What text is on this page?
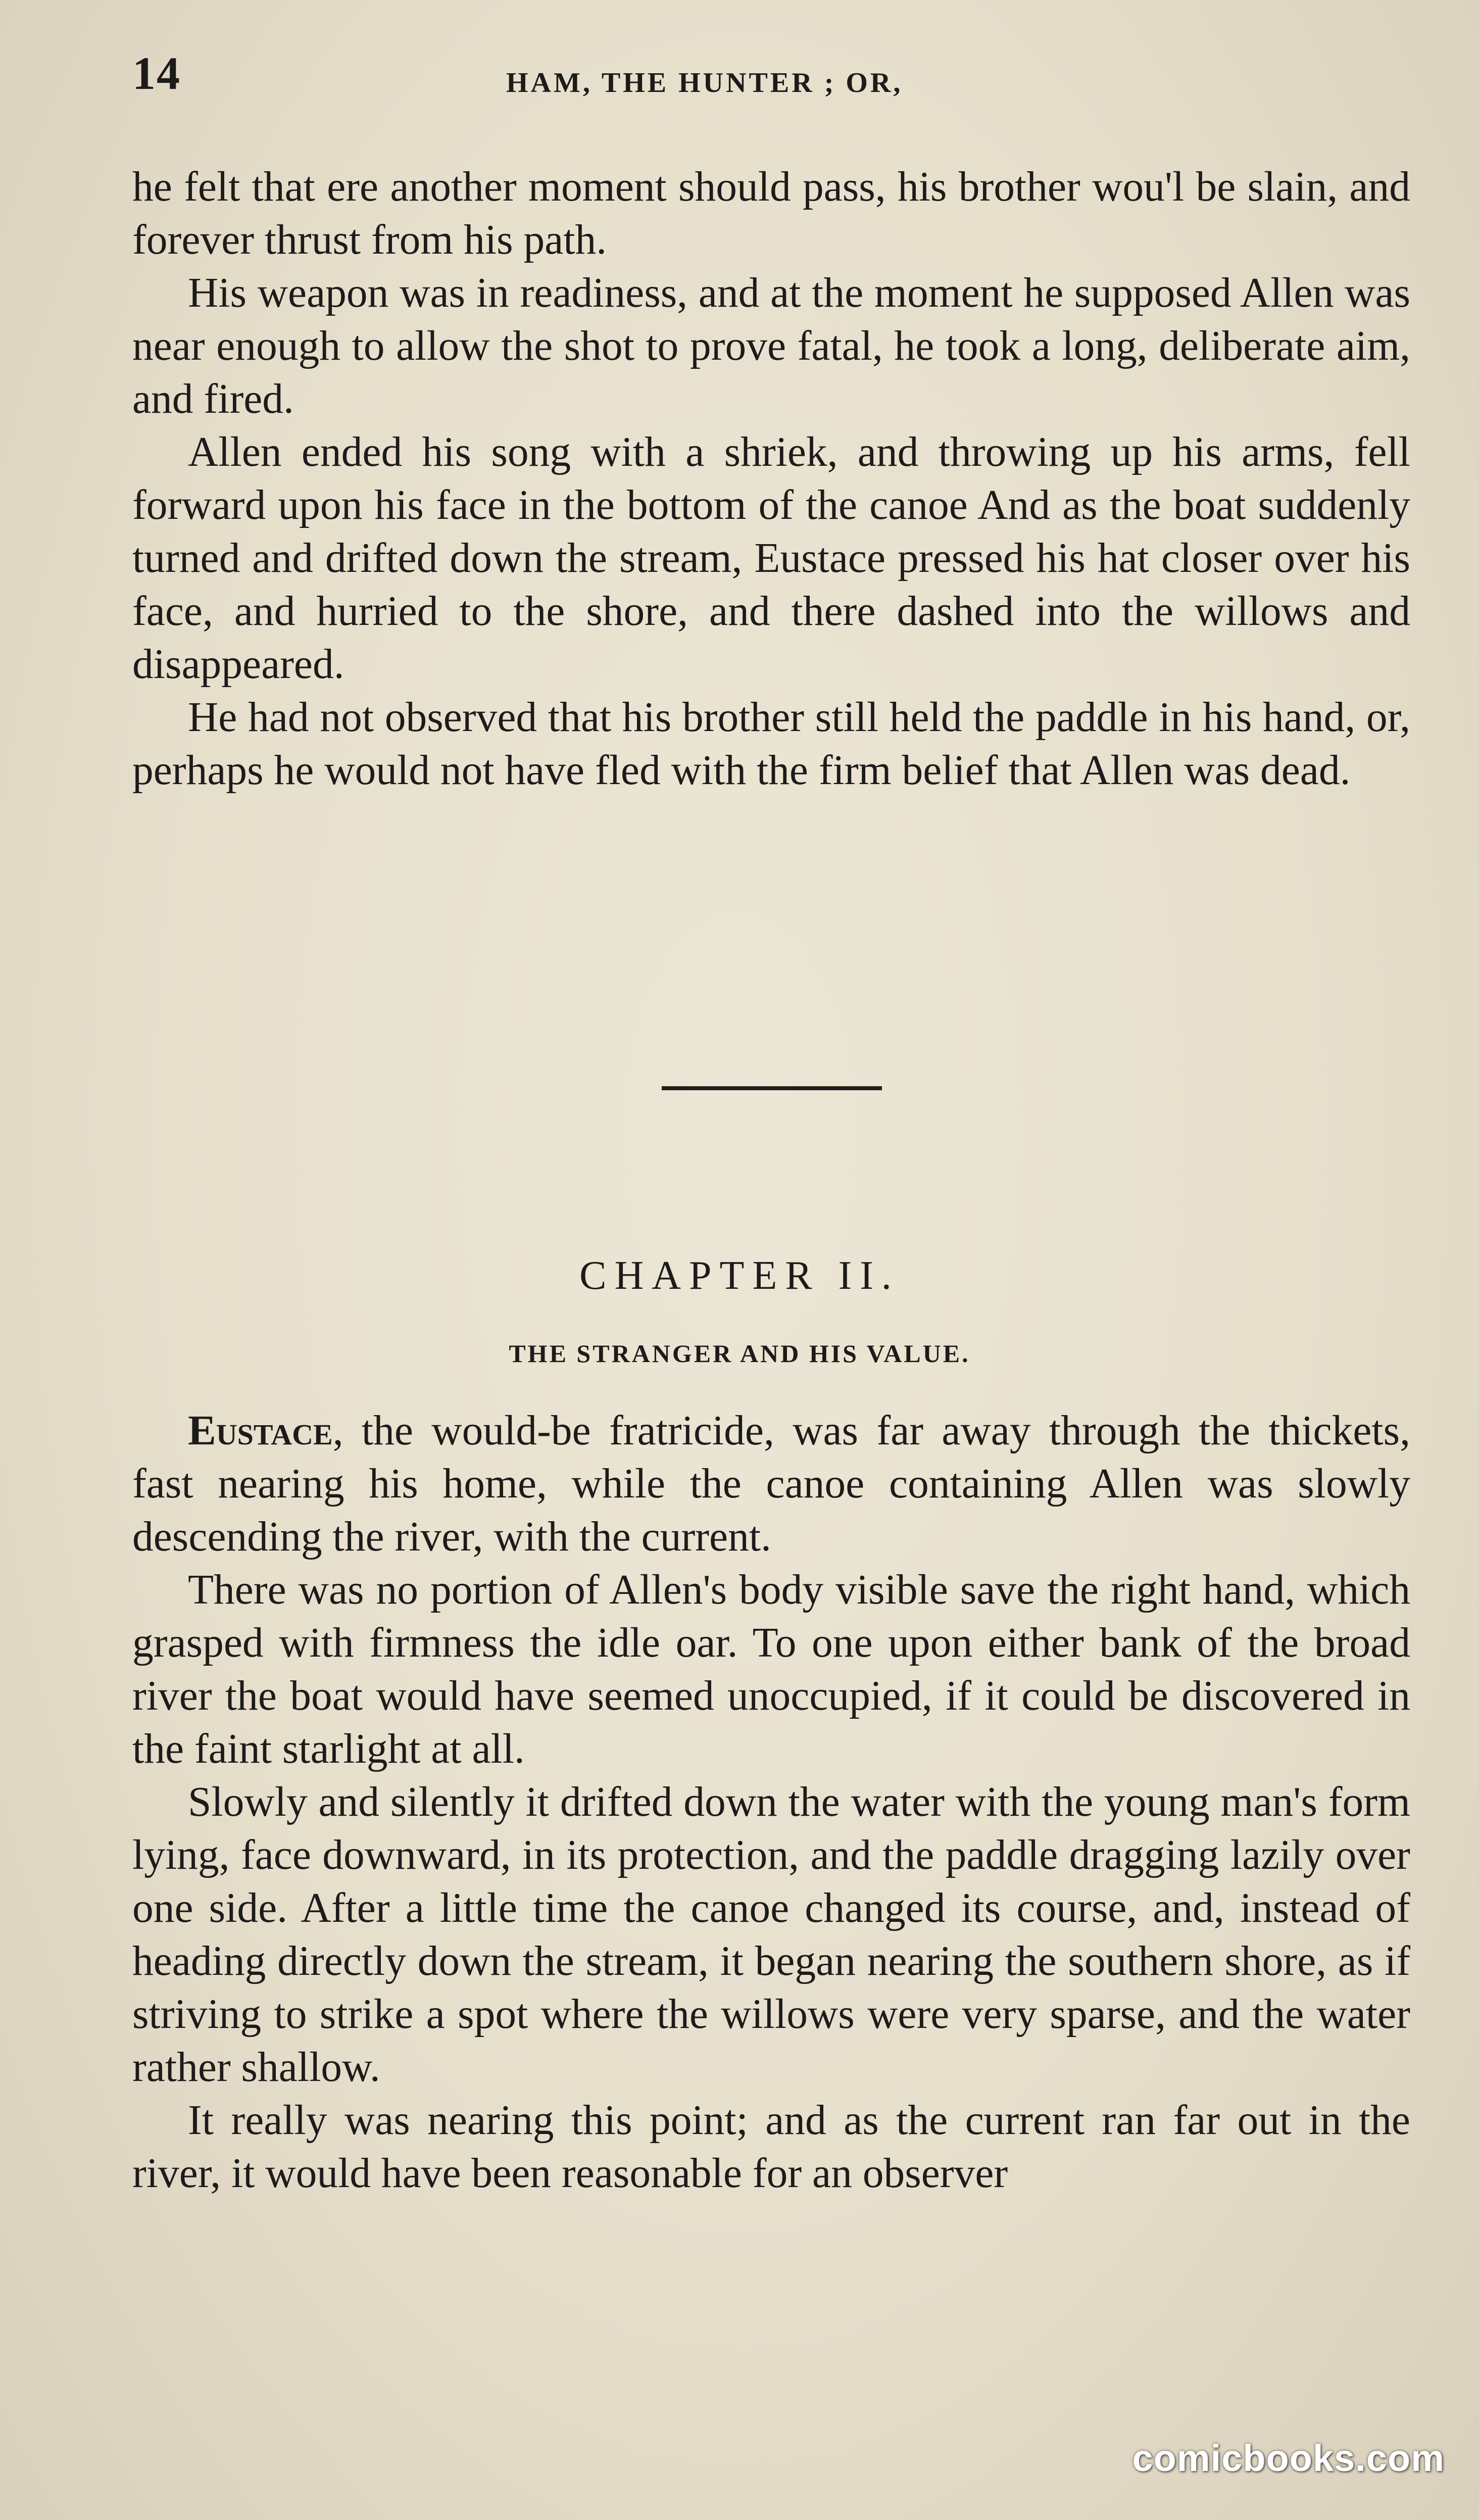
14	HAM, THE HUNTER ; OR,

he felt that ere another moment should pass, his brother wou'l be slain, and forever thrust from his path.

His weapon was in readiness, and at the moment he supposed Allen was near enough to allow the shot to prove fatal, he took a long, deliberate aim, and fired.

Allen ended his song with a shriek, and throwing up his arms, fell forward upon his face in the bottom of the canoe And as the boat suddenly turned and drifted down the stream, Eustace pressed his hat closer over his face, and hurried to the shore, and there dashed into the willows and disappeared.

He had not observed that his brother still held the paddle in his hand, or, perhaps he would not have fled with the firm belief that Allen was dead.

CHAPTER II.
THE STRANGER AND HIS VALUE.

Eustace, the would-be fratricide, was far away through the thickets, fast nearing his home, while the canoe containing Allen was slowly descending the river, with the current.

There was no portion of Allen's body visible save the right hand, which grasped with firmness the idle oar. To one upon either bank of the broad river the boat would have seemed unoccupied, if it could be discovered in the faint starlight at all.

Slowly and silently it drifted down the water with the young man's form lying, face downward, in its protection, and the paddle dragging lazily over one side. After a little time the canoe changed its course, and, instead of heading directly down the stream, it began nearing the southern shore, as if striving to strike a spot where the willows were very sparse, and the water rather shallow.

It really was nearing this point; and as the current ran far out in the river, it would have been reasonable for an observer

comicbooks.com
